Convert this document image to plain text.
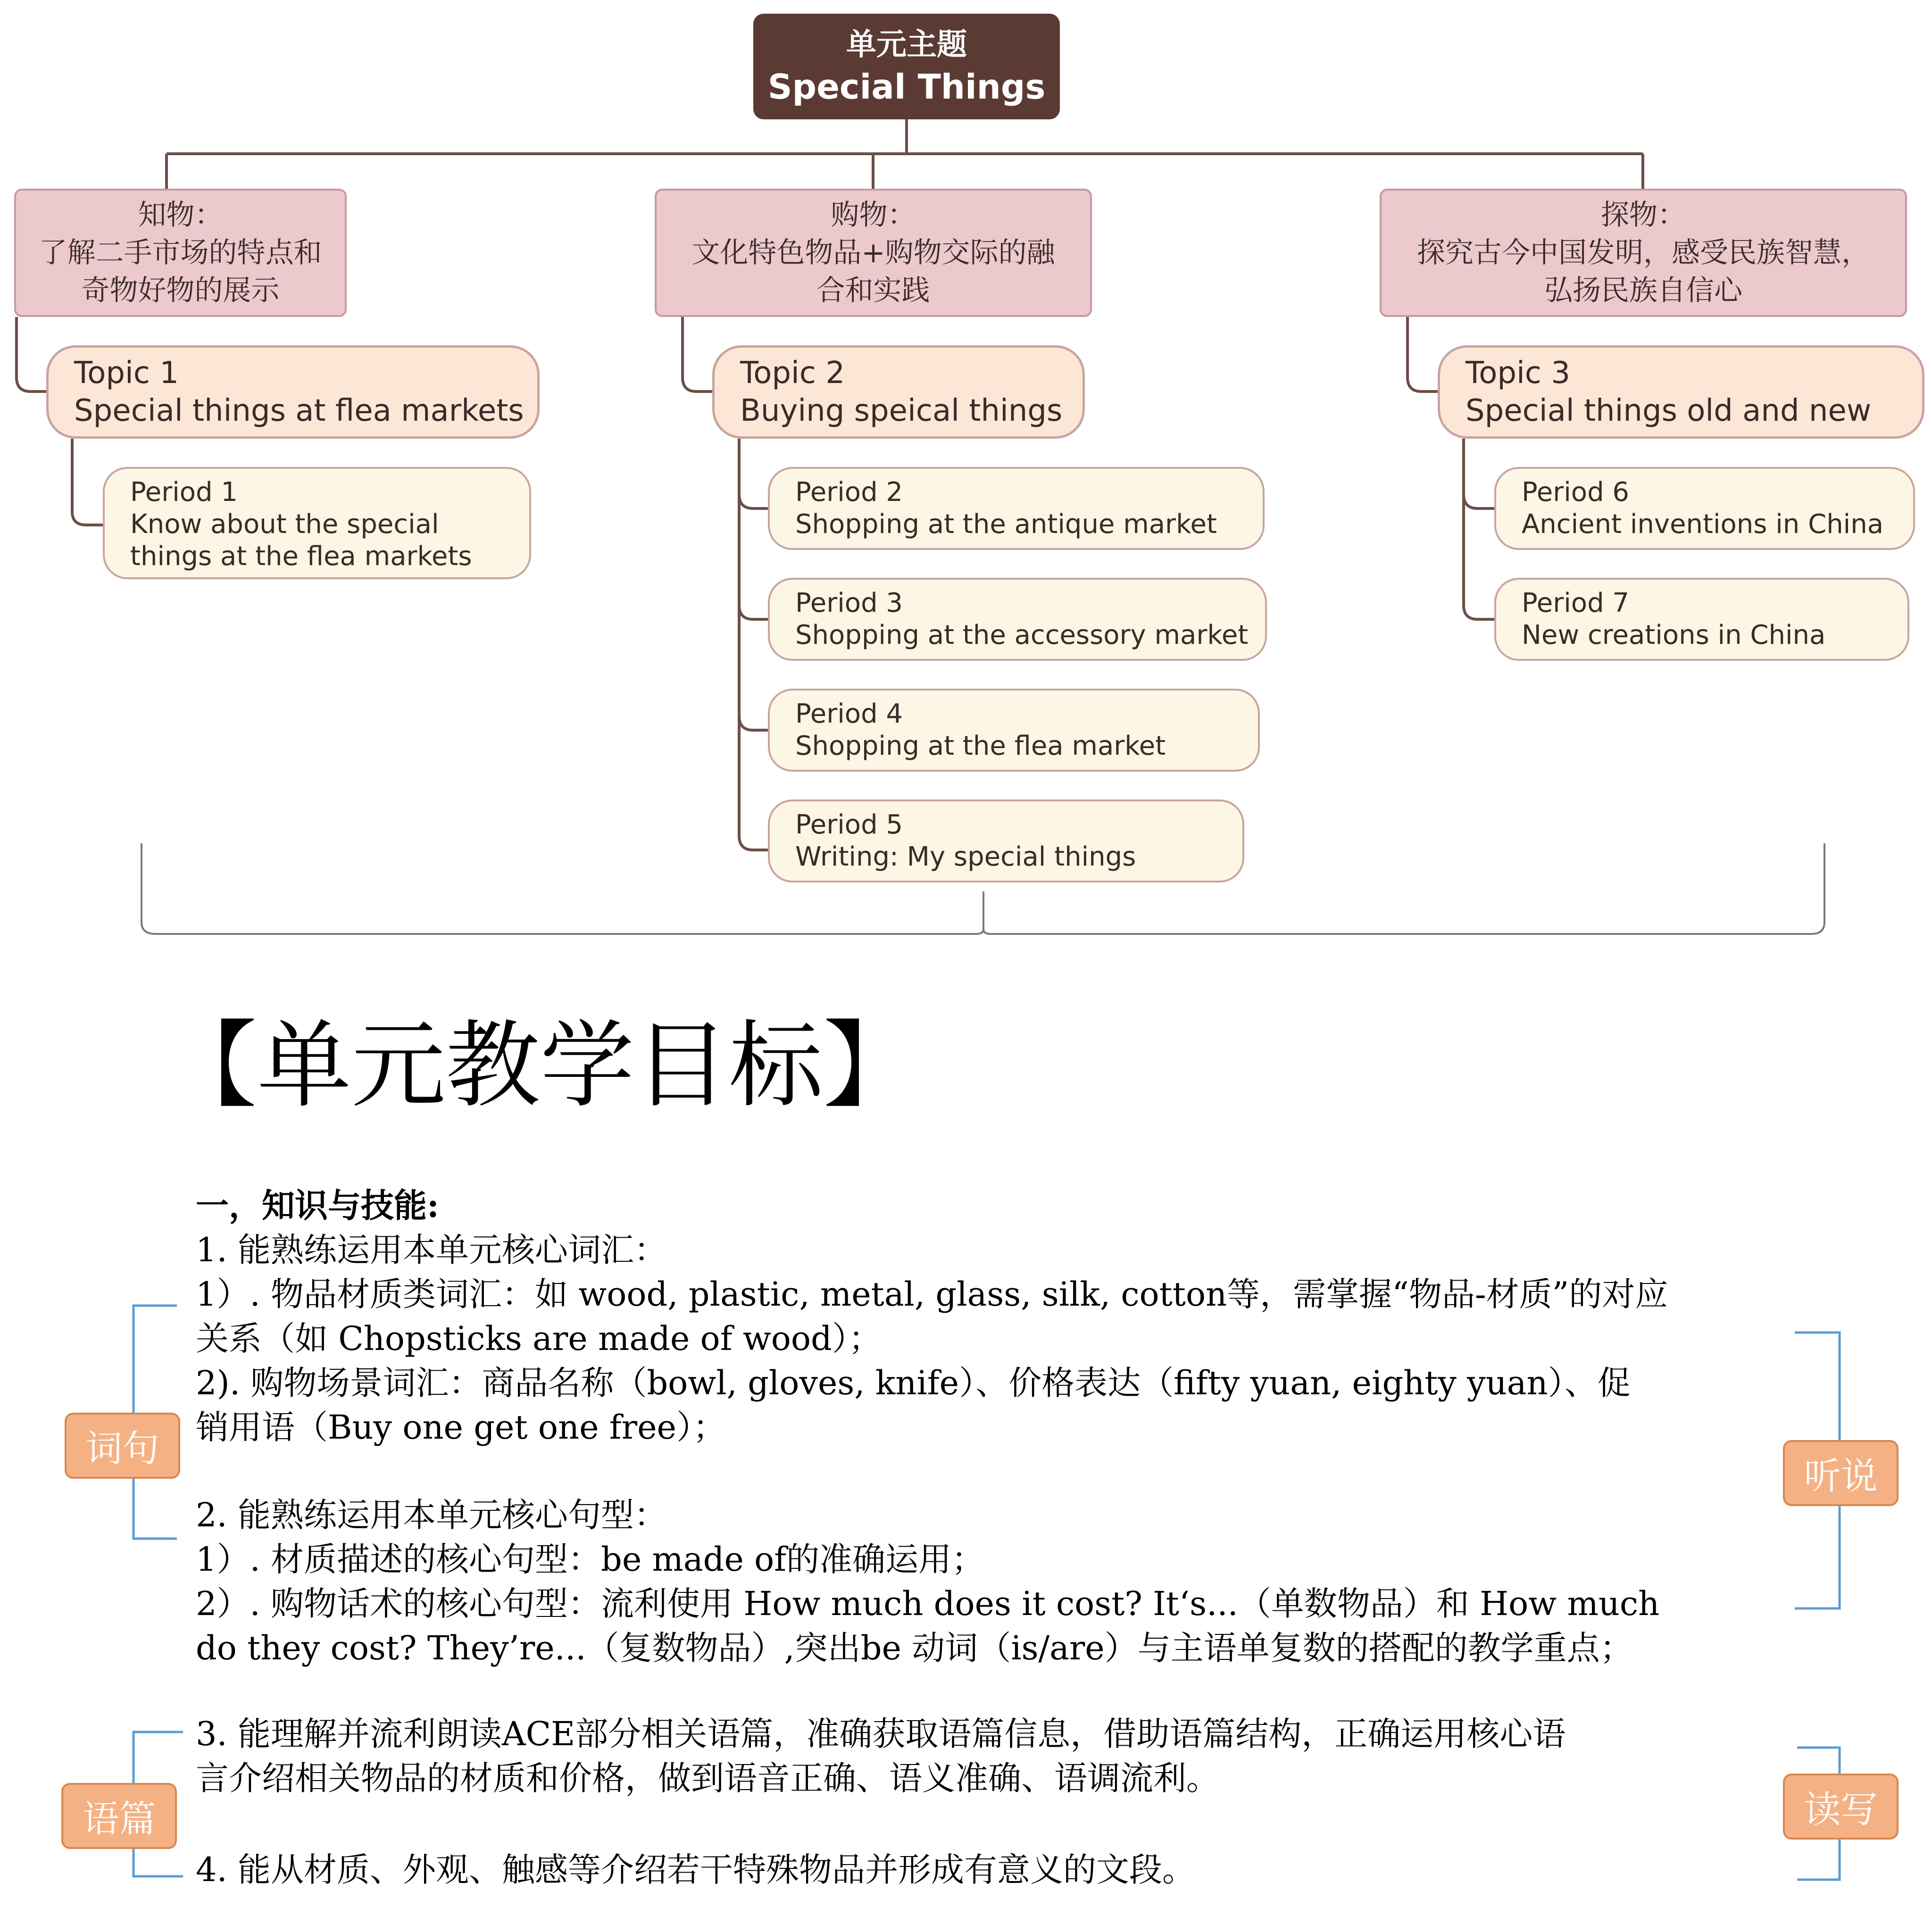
单元主题
Special Things
知物：
了解二手市场的特点和
奇物好物的展示
购物：
文化特色物品+购物交际的融
合和实践
探物：
探究古今中国发明，感受民族智慧，
弘扬民族自信心
Topic 1
Special things at flea markets
Topic 2
Buying speical things
Topic 3
Special things old and new
Period 1
Know about the special
things at the flea markets
Period 2
Shopping at the antique market
Period 3
Shopping at the accessory market
Period 4
Shopping at the flea market
Period 5
Writing: My special things
Period 6
Ancient inventions in China
Period 7
New creations in China
【单元教学目标】
一，知识与技能:
1. 能熟练运用本单元核心词汇：
1）. 物品材质类词汇：如 wood, plastic, metal, glass, silk, cotton等，需掌握“物品-材质”的对应
关系（如 Chopsticks are made of wood）；
2). 购物场景词汇：商品名称（bowl, gloves, knife）、价格表达（fifty yuan, eighty yuan）、促
销用语（Buy one get one free）；
2. 能熟练运用本单元核心句型：
1）. 材质描述的核心句型：be made of的准确运用；
2）. 购物话术的核心句型：流利使用 How much does it cost? It‘s...（单数物品）和 How much
do they cost? They’re...（复数物品）,突出be 动词（is/are）与主语单复数的搭配的教学重点；
3. 能理解并流利朗读ACE部分相关语篇，准确获取语篇信息，借助语篇结构，正确运用核心语
言介绍相关物品的材质和价格，做到语音正确、语义准确、语调流利。
4. 能从材质、外观、触感等介绍若干特殊物品并形成有意义的文段。
词句
听说
语篇	读写
